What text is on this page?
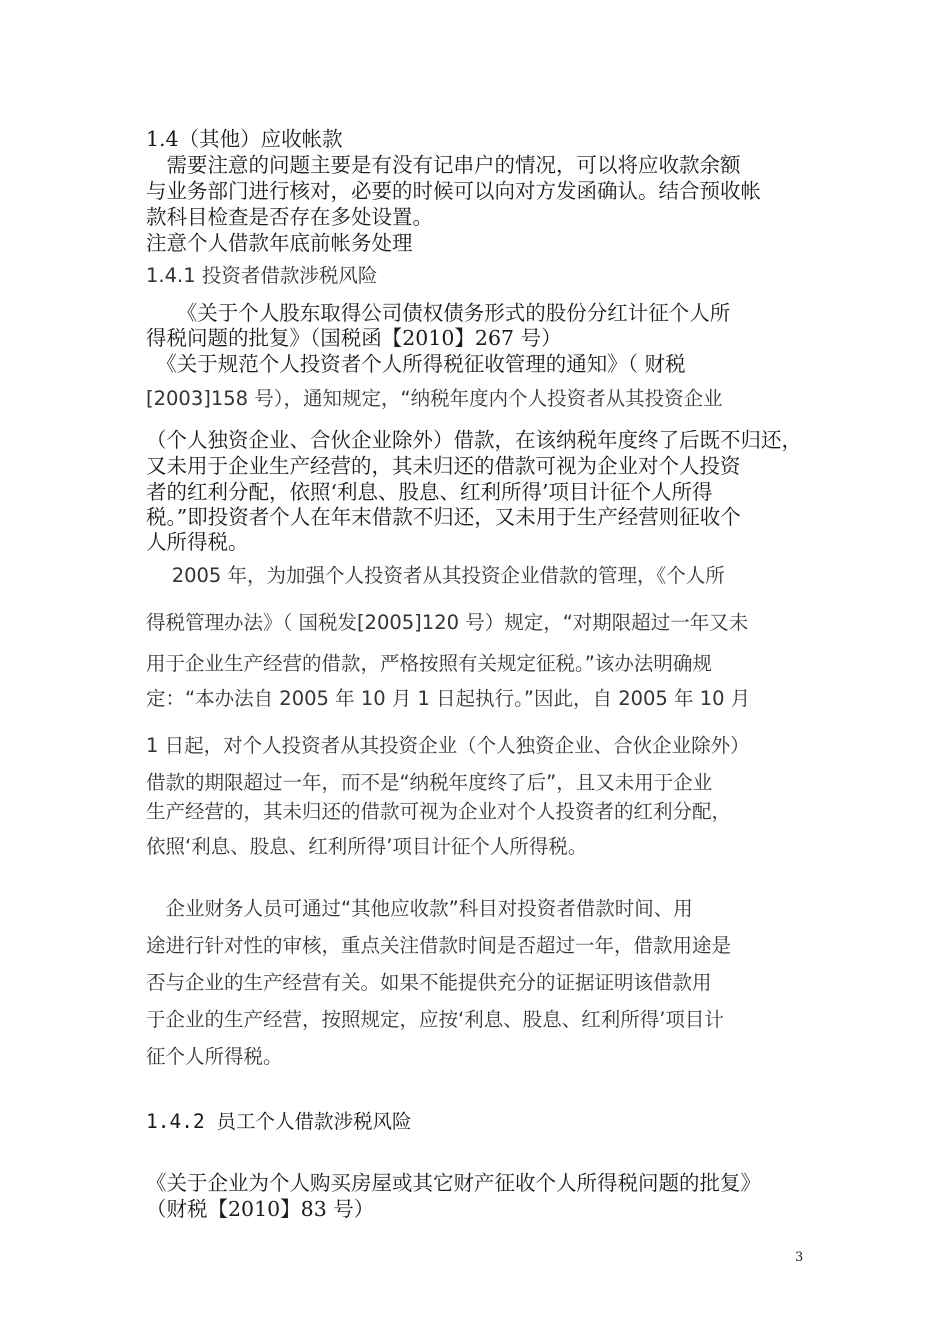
1.4（其他）应收帐款

　需要注意的问题主要是有没有记串户的情况，可以将应收款余额

与业务部门进行核对，必要的时候可以向对方发函确认。结合预收帐

款科目检查是否存在多处设置。

注意个人借款年底前帐务处理

1.4.1 投资者借款涉税风险

　　《关于个人股东取得公司债权债务形式的股份分红计征个人所

得税问题的批复》（国税函【2010】267 号）

　《关于规范个人投资者个人所得税征收管理的通知》（ 财税

[2003]158 号），通知规定，“纳税年度内个人投资者从其投资企业

（个人独资企业、合伙企业除外）借款，在该纳税年度终了后既不归还，

又未用于企业生产经营的，其未归还的借款可视为企业对个人投资

者的红利分配，依照‘利息、股息、红利所得’项目计征个人所得

税。”即投资者个人在年末借款不归还，又未用于生产经营则征收个

人所得税。

　 2005 年，为加强个人投资者从其投资企业借款的管理，《个人所

得税管理办法》（ 国税发[2005]120 号）规定，“对期限超过一年又未

用于企业生产经营的借款，严格按照有关规定征税。”该办法明确规

定：“本办法自 2005 年 10 月 1 日起执行。”因此，自 2005 年 10 月

1 日起，对个人投资者从其投资企业（个人独资企业、合伙企业除外）

借款的期限超过一年，而不是“纳税年度终了后”，且又未用于企业

生产经营的，其未归还的借款可视为企业对个人投资者的红利分配，

依照‘利息、股息、红利所得’项目计征个人所得税。

　企业财务人员可通过“其他应收款”科目对投资者借款时间、用

途进行针对性的审核，重点关注借款时间是否超过一年，借款用途是

否与企业的生产经营有关。如果不能提供充分的证据证明该借款用

于企业的生产经营，按照规定，应按‘利息、股息、红利所得’项目计

征个人所得税。

1.4.2 员工个人借款涉税风险

《关于企业为个人购买房屋或其它财产征收个人所得税问题的批复》

（财税【2010】83 号）

3
